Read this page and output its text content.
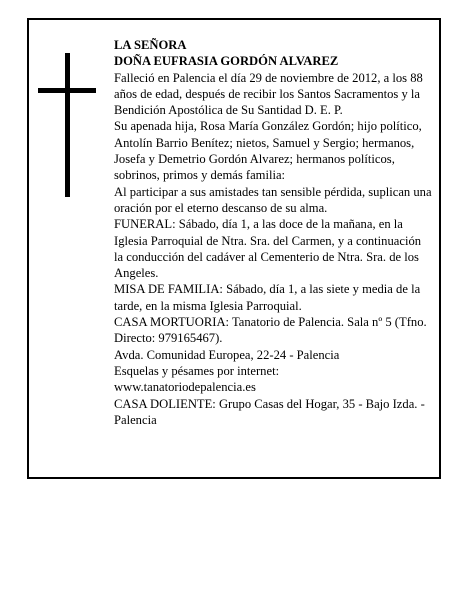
LA SEÑORA
DOÑA EUFRASIA GORDÓN ALVAREZ

Falleció en Palencia el día 29 de noviembre de 2012, a los 88 años de edad, después de recibir los Santos Sacramentos y la Bendición Apostólica de Su Santidad D. E. P.

Su apenada hija, Rosa María González Gordón; hijo político, Antolín Barrio Benítez; nietos, Samuel y Sergio; hermanos, Josefa y Demetrio Gordón Alvarez; hermanos políticos, sobrinos, primos y demás familia:

Al participar a sus amistades tan sensible pérdida, suplican una oración por el eterno descanso de su alma.

FUNERAL: Sábado, día 1, a las doce de la mañana, en la Iglesia Parroquial de Ntra. Sra. del Carmen, y a continuación la conducción del cadáver al Cementerio de Ntra. Sra. de los Angeles.

MISA DE FAMILIA: Sábado, día 1, a las siete y media de la tarde, en la misma Iglesia Parroquial.

CASA MORTUORIA: Tanatorio de Palencia. Sala nº 5 (Tfno. Directo: 979165467).

Avda. Comunidad Europea, 22-24 - Palencia

Esquelas y pésames por internet:

www.tanatoriodepalencia.es

CASA DOLIENTE: Grupo Casas del Hogar, 35 - Bajo Izda. - Palencia
